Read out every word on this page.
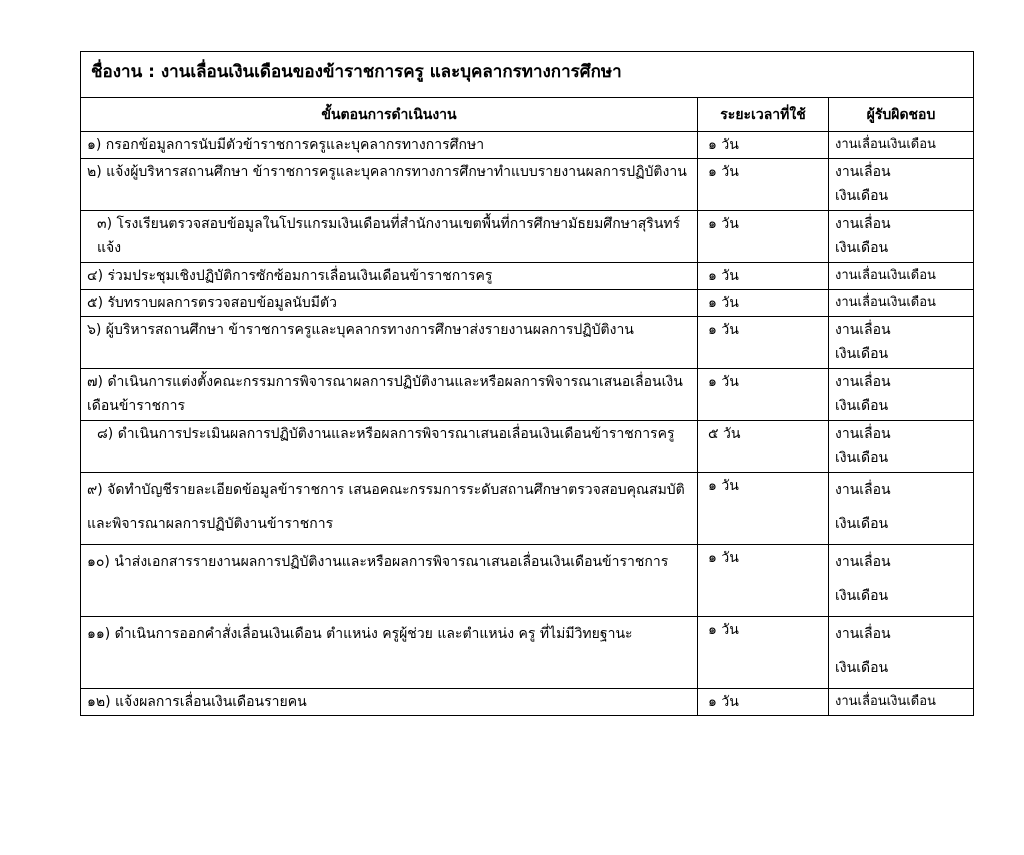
ชื่องาน : งานเลื่อนเงินเดือนของข้าราชการครู และบุคลากรทางการศึกษา		
ขั้นตอนการดำเนินงาน	ระยะเวลาที่ใช้	ผู้รับผิดชอบ
๑) กรอกข้อมูลการนับมีตัวข้าราชการครูและบุคลากรทางการศึกษา	๑ วัน	งานเลื่อนเงินเดือน

๒) แจ้งผู้บริหารสถานศึกษา ข้าราชการครูและบุคลากรทางการศึกษาทำแบบรายงานผลการปฏิบัติงาน	๑ วัน	งานเลื่อน
เงินเดือน

๓) โรงเรียนตรวจสอบข้อมูลในโปรแกรมเงินเดือนที่สำนักงานเขตพื้นที่การศึกษามัธยมศึกษาสุรินทร์แจ้ง	๑ วัน	งานเลื่อน
เงินเดือน

๔) ร่วมประชุมเชิงปฏิบัติการซักซ้อมการเลื่อนเงินเดือนข้าราชการครู	๑ วัน	งานเลื่อนเงินเดือน

๕) รับทราบผลการตรวจสอบข้อมูลนับมีตัว	๑ วัน	งานเลื่อนเงินเดือน

๖) ผู้บริหารสถานศึกษา ข้าราชการครูและบุคลากรทางการศึกษาส่งรายงานผลการปฏิบัติงาน	๑ วัน	งานเลื่อน
เงินเดือน

๗) ดำเนินการแต่งตั้งคณะกรรมการพิจารณาผลการปฏิบัติงานและหรือผลการพิจารณาเสนอเลื่อนเงินเดือนข้าราชการ	๑ วัน	งานเลื่อน
เงินเดือน

๘) ดำเนินการประเมินผลการปฏิบัติงานและหรือผลการพิจารณาเสนอเลื่อนเงินเดือนข้าราชการครู	๕ วัน	งานเลื่อน
เงินเดือน

๙) จัดทำบัญชีรายละเอียดข้อมูลข้าราชการ เสนอคณะกรรมการระดับสถานศึกษาตรวจสอบคุณสมบัติและพิจารณาผลการปฏิบัติงานข้าราชการ	๑ วัน	งานเลื่อน
เงินเดือน

๑๐) นำส่งเอกสารรายงานผลการปฏิบัติงานและหรือผลการพิจารณาเสนอเลื่อนเงินเดือนข้าราชการ	๑ วัน	งานเลื่อน
เงินเดือน

๑๑) ดำเนินการออกคำสั่งเลื่อนเงินเดือน ตำแหน่ง ครูผู้ช่วย และตำแหน่ง ครู ที่ไม่มีวิทยฐานะ	๑ วัน	งานเลื่อน
เงินเดือน

๑๒) แจ้งผลการเลื่อนเงินเดือนรายคน	๑ วัน	งานเลื่อนเงินเดือน
